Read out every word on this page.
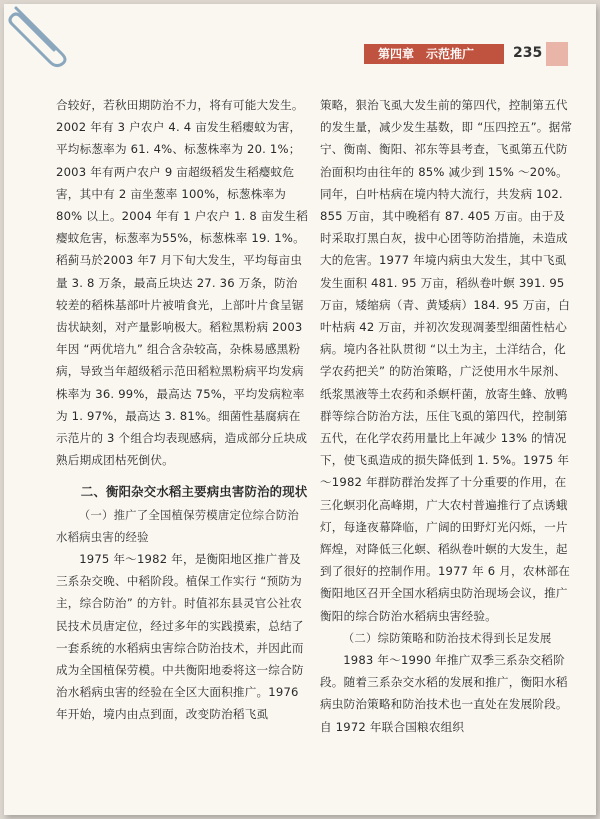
第四章　示范推广	235

合较好，若秋田期防治不力，将有可能大发生。2002 年有 3 户农户 4. 4 亩发生稻瘿蚊为害，平均标葱率为 61. 4%、标葱株率为 20. 1%；2003 年有两户农户 9 亩超级稻发生稻瘿蚊危害，其中有 2 亩坐葱率 100%，标葱株率为 80% 以上。2004 年有 1 户农户 1. 8 亩发生稻瘿蚊危害，标葱率为55%，标葱株率 19. 1%。稻蓟马於2003 年7 月下旬大发生，平均每亩虫量 3. 8 万条，最高丘块达 27. 36 万条，防治较差的稻株基部叶片被啃食光，上部叶片食呈锯齿状缺刻，对产量影响极大。稻粒黑粉病 2003 年因 “两优培九” 组合含杂较高，杂株易感黑粉病，导致当年超级稻示范田稻粒黑粉病平均发病株率为 36. 99%，最高达 75%，平均发病粒率为 1. 97%，最高达 3. 81%。细菌性基腐病在示范片的 3 个组合均表现感病，造成部分丘块成熟后期成团枯死倒伏。

二、衡阳杂交水稻主要病虫害防治的现状

（一）推广了全国植保劳模唐定位综合防治水稻病虫害的经验

1975 年～1982 年，是衡阳地区推广普及三系杂交晚、中稻阶段。植保工作实行 “预防为主，综合防治” 的方针。时值祁东县灵官公社农民技术员唐定位，经过多年的实践摸索，总结了一套系统的水稻病虫害综合防治技术，并因此而成为全国植保劳模。中共衡阳地委将这一综合防治水稻病虫害的经验在全区大面积推广。1976 年开始，境内由点到面，改变防治稻飞虱

策略，狠治飞虱大发生前的第四代，控制第五代的发生量，减少发生基数，即 “压四控五”。据常宁、衡南、衡阳、祁东等县考查，飞虱第五代防治面积均由往年的 85% 减少到 15% ～20%。同年，白叶枯病在境内特大流行，共发病 102. 855 万亩，其中晚稻有 87. 405 万亩。由于及时采取打黑白灰，拔中心团等防治措施，未造成大的危害。1977 年境内病虫大发生，其中飞虱发生面积 481. 95 万亩，稻纵卷叶螟 391. 95 万亩，矮缩病（青、黄矮病）184. 95 万亩，白叶枯病 42 万亩，并初次发现凋萎型细菌性枯心病。境内各社队贯彻 “以土为主，土洋结合，化学农药把关” 的防治策略，广泛使用水牛尿剂、纸浆黑液等土农药和杀螟杆菌，放寄生蜂、放鸭群等综合防治方法，压住飞虱的第四代，控制第五代，在化学农药用量比上年减少 13% 的情况下，使飞虱造成的损失降低到 1. 5%。1975 年～1982 年群防群治发挥了十分重要的作用，在三化螟羽化高峰期，广大农村普遍推行了点诱蛾灯，每逢夜幕降临，广阔的田野灯光闪烁，一片辉煌，对降低三化螟、稻纵卷叶螟的大发生，起到了很好的控制作用。1977 年 6 月，农林部在衡阳地区召开全国水稻病虫防治现场会议，推广衡阳的综合防治水稻病虫害经验。

（二）综防策略和防治技术得到长足发展

1983 年～1990 年推广双季三系杂交稻阶段。随着三系杂交水稻的发展和推广，衡阳水稻病虫防治策略和防治技术也一直处在发展阶段。自 1972 年联合国粮农组织
